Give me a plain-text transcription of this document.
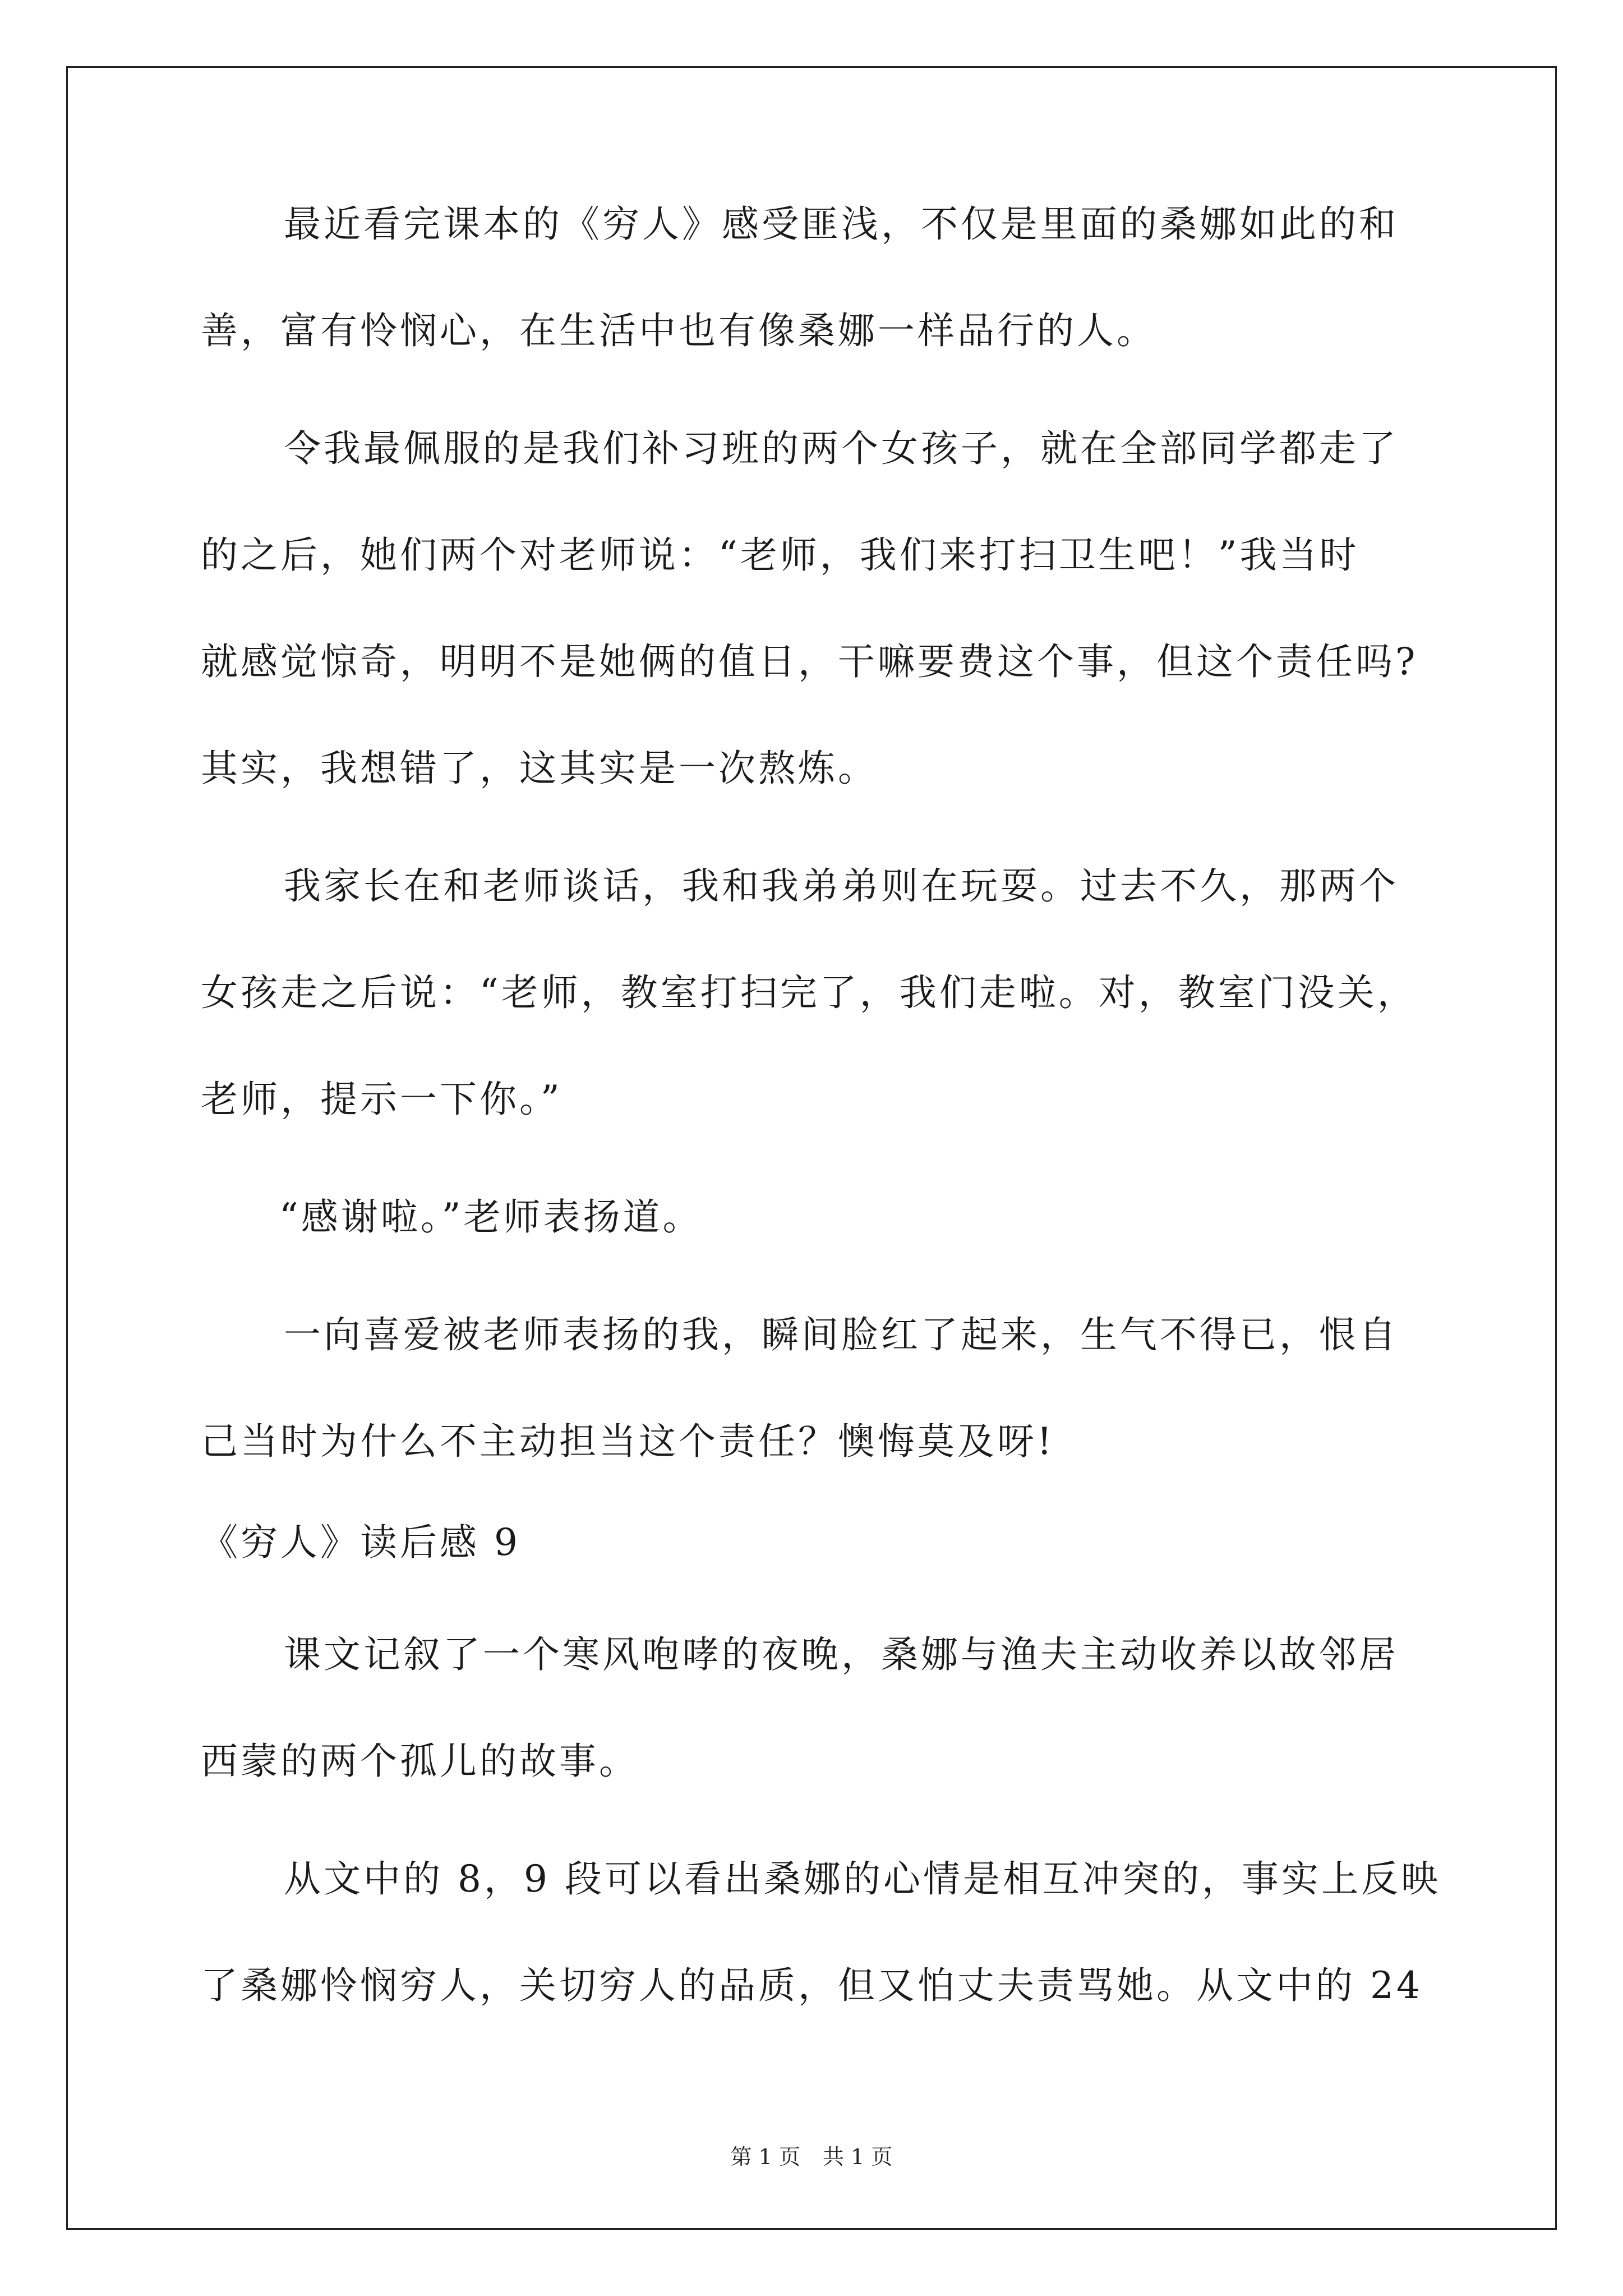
最近看完课本的《穷人》感受匪浅，不仅是里面的桑娜如此的和
善，富有怜悯心，在生活中也有像桑娜一样品行的人。
令我最佩服的是我们补习班的两个女孩子，就在全部同学都走了
的之后，她们两个对老师说：“老师，我们来打扫卫生吧！”我当时
就感觉惊奇，明明不是她俩的值日，干嘛要费这个事，但这个责任吗?
其实，我想错了，这其实是一次熬炼。
我家长在和老师谈话，我和我弟弟则在玩耍。过去不久，那两个
女孩走之后说：“老师，教室打扫完了，我们走啦。对，教室门没关，
老师，提示一下你。”
“感谢啦。”老师表扬道。
一向喜爱被老师表扬的我，瞬间脸红了起来，生气不得已，恨自
己当时为什么不主动担当这个责任？懊悔莫及呀!
《穷人》读后感 9
课文记叙了一个寒风咆哮的夜晚，桑娜与渔夫主动收养以故邻居
西蒙的两个孤儿的故事。
从文中的 8，9 段可以看出桑娜的心情是相互冲突的，事实上反映
了桑娜怜悯穷人，关切穷人的品质，但又怕丈夫责骂她。从文中的 24
第 1 页 共 1 页
